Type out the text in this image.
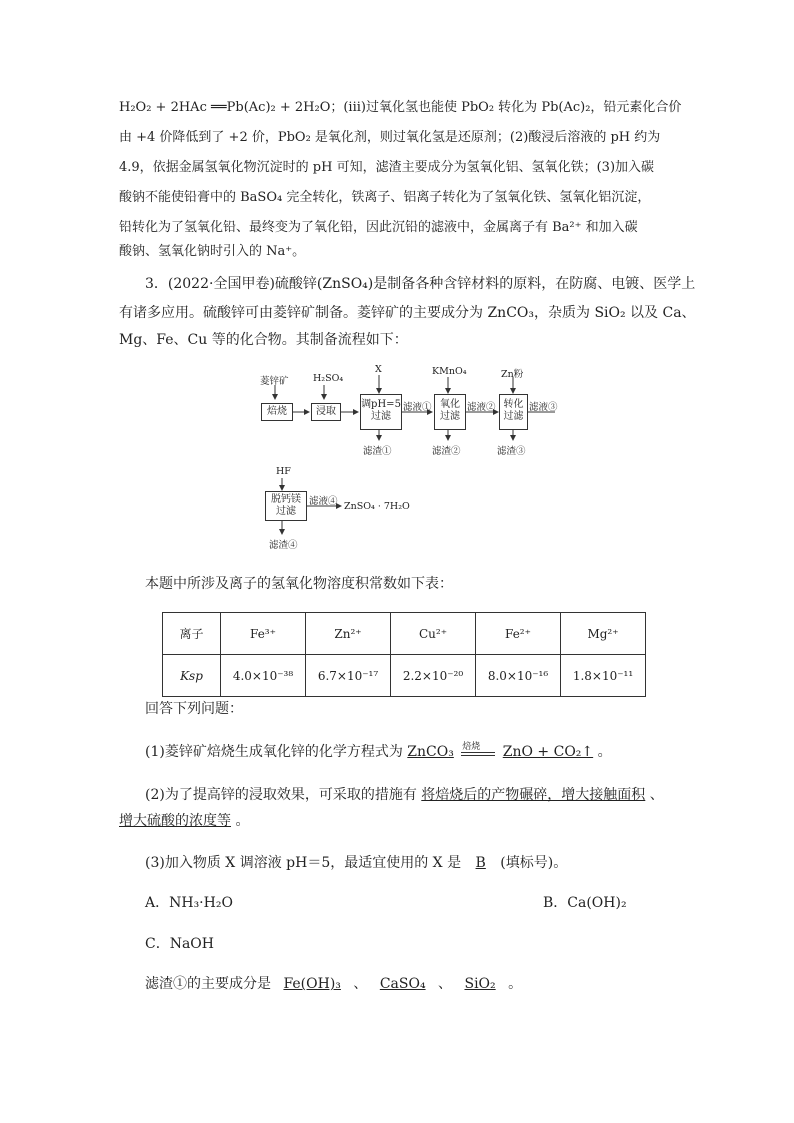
H₂O₂ + 2HAc ══Pb(Ac)₂ + 2H₂O；(iii)过氧化氢也能使 PbO₂ 转化为 Pb(Ac)₂，铅元素化合价
由 +4 价降低到了 +2 价，PbO₂ 是氧化剂，则过氧化氢是还原剂；(2)酸浸后溶液的 pH 约为
4.9，依据金属氢氧化物沉淀时的 pH 可知，滤渣主要成分为氢氧化铝、氢氧化铁；(3)加入碳
酸钠不能使铅膏中的 BaSO₄ 完全转化，铁离子、铝离子转化为了氢氧化铁、氢氧化铝沉淀，
铅转化为了氢氧化铅、最终变为了氧化铅，因此沉铅的滤液中，金属离子有 Ba²⁺ 和加入碳
酸钠、氢氧化钠时引入的 Na⁺。
3．(2022·全国甲卷)硫酸锌(ZnSO₄)是制备各种含锌材料的原料，在防腐、电镀、医学上
有诸多应用。硫酸锌可由菱锌矿制备。菱锌矿的主要成分为 ZnCO₃，杂质为 SiO₂ 以及 Ca、
Mg、Fe、Cu 等的化合物。其制备流程如下：
菱锌矿
焙烧
H₂SO₄
浸取
X
调pH=5
过滤
滤液①
滤渣①
KMnO₄
氧化
过滤
滤液②
滤渣②
Zn粉
转化
过滤
滤液③
滤渣③
HF
脱钙镁
过滤
滤液④ ZnSO₄ · 7H₂O
滤渣④
本题中所涉及离子的氢氧化物溶度积常数如下表：
离子	Fe³⁺	Zn²⁺	Cu²⁺	Fe²⁺	Mg²⁺
Ksp	4.0×10⁻³⁸	6.7×10⁻¹⁷	2.2×10⁻²⁰	8.0×10⁻¹⁶	1.8×10⁻¹¹
回答下列问题：
(1)菱锌矿焙烧生成氧化锌的化学方程式为 ZnCO₃ 焙烧 ZnO + CO₂↑ 。
(2)为了提高锌的浸取效果，可采取的措施有 将焙烧后的产物碾碎，增大接触面积 、
增大硫酸的浓度等 。
(3)加入物质 X 调溶液 pH＝5，最适宜使用的 X 是 B (填标号)。
A．NH₃·H₂O	B．Ca(OH)₂
C．NaOH
滤渣①的主要成分是 Fe(OH)₃ 、 CaSO₄ 、 SiO₂ 。
